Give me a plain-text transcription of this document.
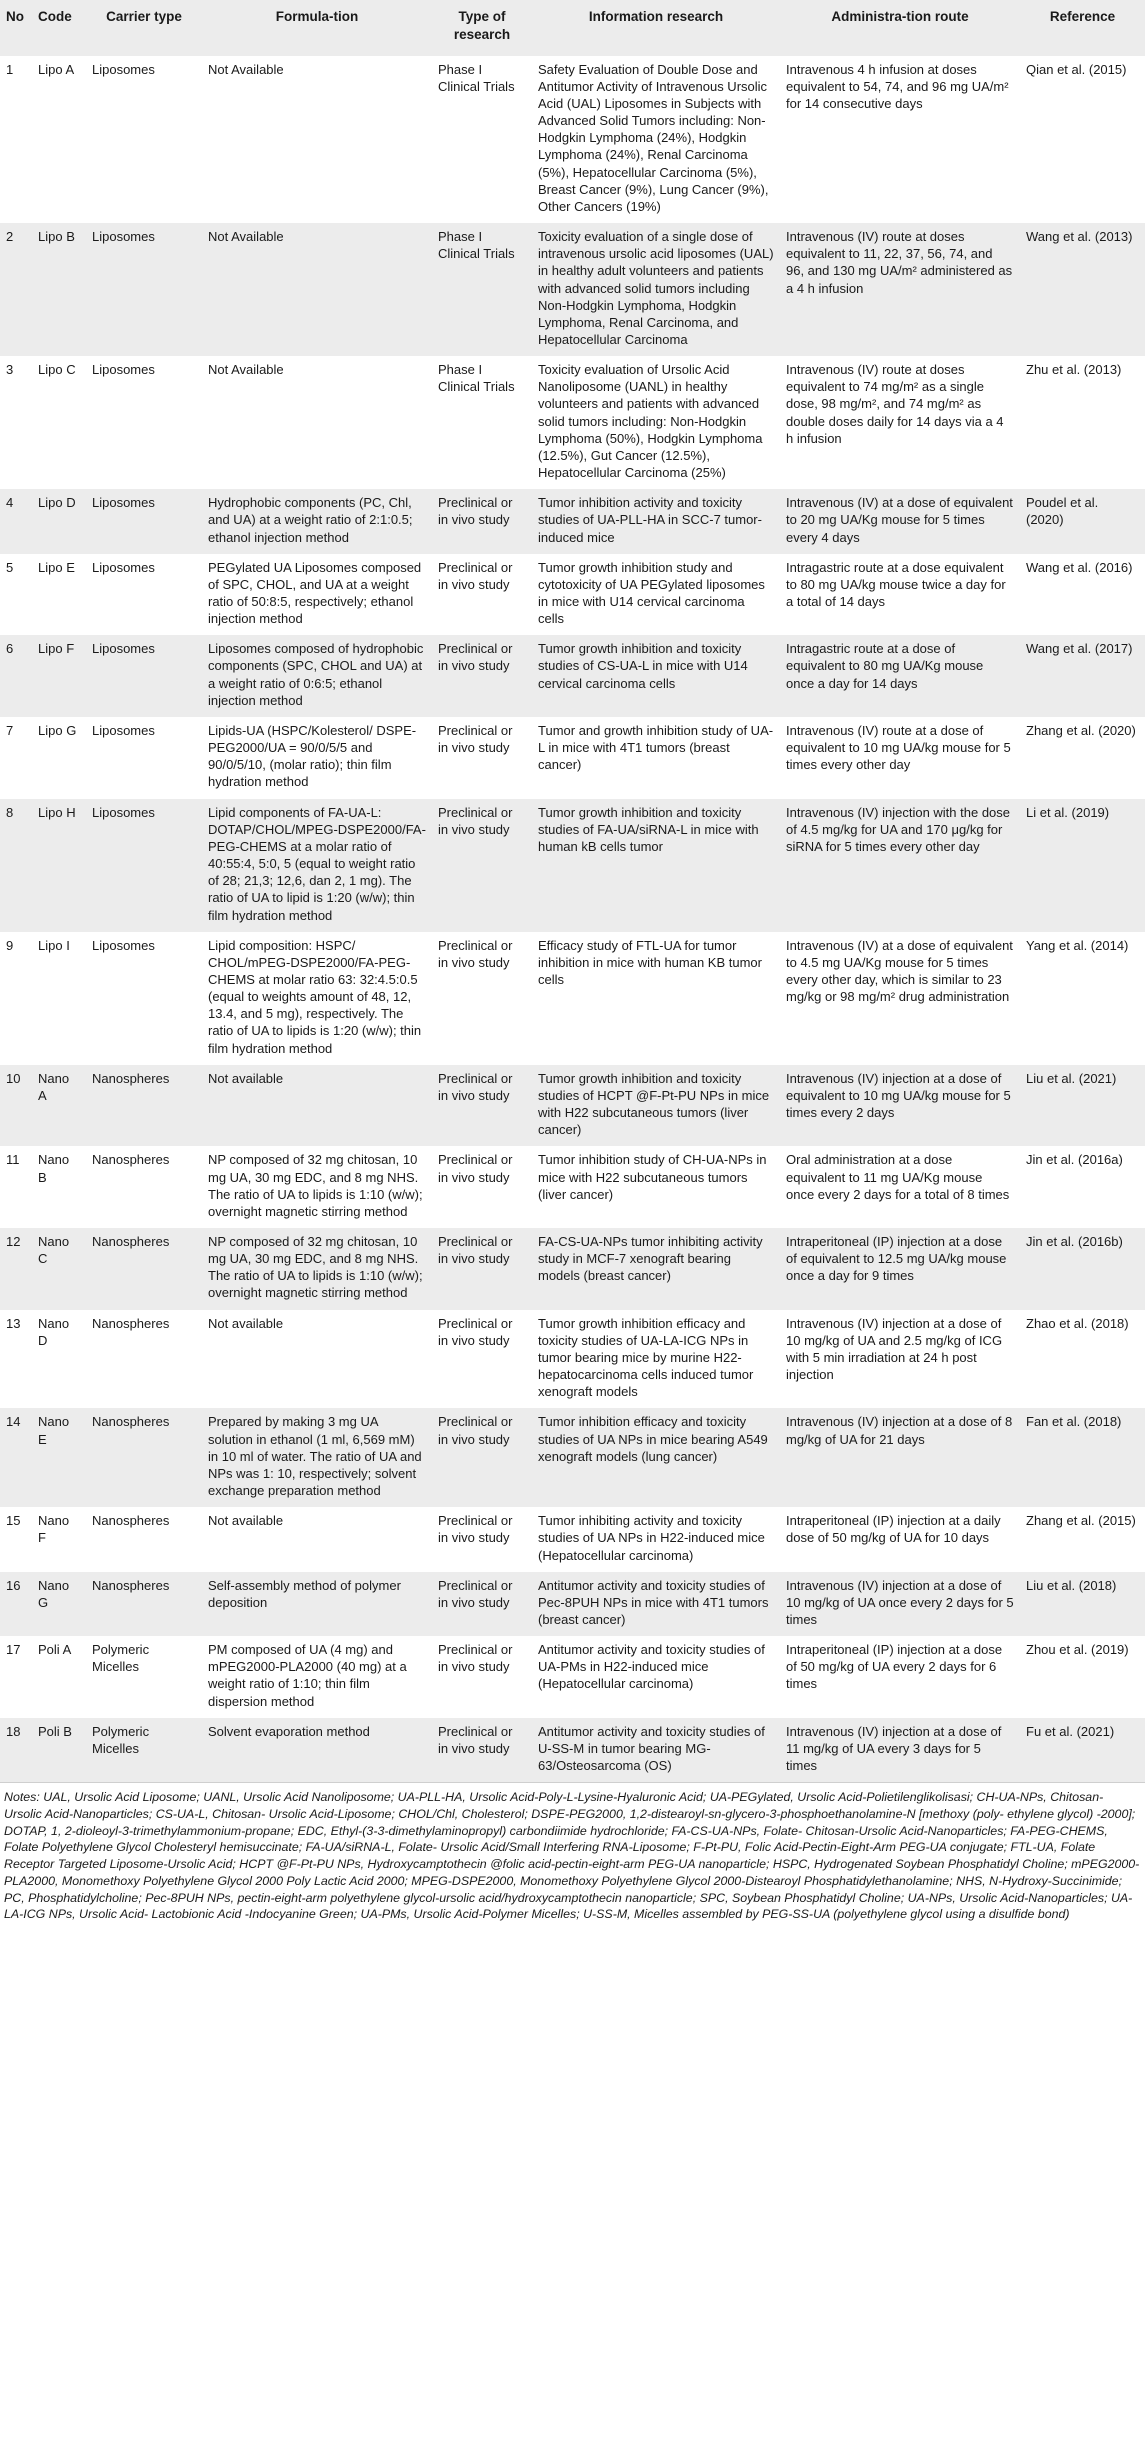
No	Code	Carrier type	Formula-tion	Type of research	Information research	Administra-tion route	Reference
1	Lipo A	Liposomes	Not Available	Phase I Clinical Trials	Safety Evaluation of Double Dose and Antitumor Activity of Intravenous Ursolic Acid (UAL) Liposomes in Subjects with Advanced Solid Tumors including: Non-Hodgkin Lymphoma (24%), Hodgkin Lymphoma (24%), Renal Carcinoma (5%), Hepatocellular Carcinoma (5%), Breast Cancer (9%), Lung Cancer (9%), Other Cancers (19%)	Intravenous 4 h infusion at doses equivalent to 54, 74, and 96 mg UA/m² for 14 consecutive days	Qian et al. (2015)
2	Lipo B	Liposomes	Not Available	Phase I Clinical Trials	Toxicity evaluation of a single dose of intravenous ursolic acid liposomes (UAL) in healthy adult volunteers and patients with advanced solid tumors including Non-Hodgkin Lymphoma, Hodgkin Lymphoma, Renal Carcinoma, and Hepatocellular Carcinoma	Intravenous (IV) route at doses equivalent to 11, 22, 37, 56, 74, and 96, and 130 mg UA/m² administered as a 4 h infusion	Wang et al. (2013)
3	Lipo C	Liposomes	Not Available	Phase I Clinical Trials	Toxicity evaluation of Ursolic Acid Nanoliposome (UANL) in healthy volunteers and patients with advanced solid tumors including: Non-Hodgkin Lymphoma (50%), Hodgkin Lymphoma (12.5%), Gut Cancer (12.5%), Hepatocellular Carcinoma (25%)	Intravenous (IV) route at doses equivalent to 74 mg/m² as a single dose, 98 mg/m², and 74 mg/m² as double doses daily for 14 days via a 4 h infusion	Zhu et al. (2013)
4	Lipo D	Liposomes	Hydrophobic components (PC, Chl, and UA) at a weight ratio of 2:1:0.5; ethanol injection method	Preclinical or in vivo study	Tumor inhibition activity and toxicity studies of UA-PLL-HA in SCC-7 tumor-induced mice	Intravenous (IV) at a dose of equivalent to 20 mg UA/Kg mouse for 5 times every 4 days	Poudel et al. (2020)
5	Lipo E	Liposomes	PEGylated UA Liposomes composed of SPC, CHOL, and UA at a weight ratio of 50:8:5, respectively; ethanol injection method	Preclinical or in vivo study	Tumor growth inhibition study and cytotoxicity of UA PEGylated liposomes in mice with U14 cervical carcinoma cells	Intragastric route at a dose equivalent to 80 mg UA/kg mouse twice a day for a total of 14 days	Wang et al. (2016)
6	Lipo F	Liposomes	Liposomes composed of hydrophobic components (SPC, CHOL and UA) at a weight ratio of 0:6:5; ethanol injection method	Preclinical or in vivo study	Tumor growth inhibition and toxicity studies of CS-UA-L in mice with U14 cervical carcinoma cells	Intragastric route at a dose of equivalent to 80 mg UA/Kg mouse once a day for 14 days	Wang et al. (2017)
7	Lipo G	Liposomes	Lipids-UA (HSPC/Kolesterol/ DSPE-PEG2000/UA = 90/0/5/5 and 90/0/5/10, (molar ratio); thin film hydration method	Preclinical or in vivo study	Tumor and growth inhibition study of UA-L in mice with 4T1 tumors (breast cancer)	Intravenous (IV) route at a dose of equivalent to 10 mg UA/kg mouse for 5 times every other day	Zhang et al. (2020)
8	Lipo H	Liposomes	Lipid components of FA-UA-L: DOTAP/CHOL/MPEG-DSPE2000/FA-PEG-CHEMS at a molar ratio of 40:55:4, 5:0, 5 (equal to weight ratio of 28; 21,3; 12,6, dan 2, 1 mg). The ratio of UA to lipid is 1:20 (w/w); thin film hydration method	Preclinical or in vivo study	Tumor growth inhibition and toxicity studies of FA-UA/siRNA-L in mice with human kB cells tumor	Intravenous (IV) injection with the dose of 4.5 mg/kg for UA and 170 μg/kg for siRNA for 5 times every other day	Li et al. (2019)
9	Lipo I	Liposomes	Lipid composition: HSPC/ CHOL/mPEG-DSPE2000/FA-PEG-CHEMS at molar ratio 63: 32:4.5:0.5 (equal to weights amount of 48, 12, 13.4, and 5 mg), respectively. The ratio of UA to lipids is 1:20 (w/w); thin film hydration method	Preclinical or in vivo study	Efficacy study of FTL-UA for tumor inhibition in mice with human KB tumor cells	Intravenous (IV) at a dose of equivalent to 4.5 mg UA/Kg mouse for 5 times every other day, which is similar to 23 mg/kg or 98 mg/m² drug administration	Yang et al. (2014)
10	Nano A	Nanospheres	Not available	Preclinical or in vivo study	Tumor growth inhibition and toxicity studies of HCPT @F-Pt-PU NPs in mice with H22 subcutaneous tumors (liver cancer)	Intravenous (IV) injection at a dose of equivalent to 10 mg UA/kg mouse for 5 times every 2 days	Liu et al. (2021)
11	Nano B	Nanospheres	NP composed of 32 mg chitosan, 10 mg UA, 30 mg EDC, and 8 mg NHS. The ratio of UA to lipids is 1:10 (w/w); overnight magnetic stirring method	Preclinical or in vivo study	Tumor inhibition study of CH-UA-NPs in mice with H22 subcutaneous tumors (liver cancer)	Oral administration at a dose equivalent to 11 mg UA/Kg mouse once every 2 days for a total of 8 times	Jin et al. (2016a)
12	Nano C	Nanospheres	NP composed of 32 mg chitosan, 10 mg UA, 30 mg EDC, and 8 mg NHS. The ratio of UA to lipids is 1:10 (w/w); overnight magnetic stirring method	Preclinical or in vivo study	FA-CS-UA-NPs tumor inhibiting activity study in MCF-7 xenograft bearing models (breast cancer)	Intraperitoneal (IP) injection at a dose of equivalent to 12.5 mg UA/kg mouse once a day for 9 times	Jin et al. (2016b)
13	Nano D	Nanospheres	Not available	Preclinical or in vivo study	Tumor growth inhibition efficacy and toxicity studies of UA-LA-ICG NPs in tumor bearing mice by murine H22-hepatocarcinoma cells induced tumor xenograft models	Intravenous (IV) injection at a dose of 10 mg/kg of UA and 2.5 mg/kg of ICG with 5 min irradiation at 24 h post injection	Zhao et al. (2018)
14	Nano E	Nanospheres	Prepared by making 3 mg UA solution in ethanol (1 ml, 6,569 mM) in 10 ml of water. The ratio of UA and NPs was 1: 10, respectively; solvent exchange preparation method	Preclinical or in vivo study	Tumor inhibition efficacy and toxicity studies of UA NPs in mice bearing A549 xenograft models (lung cancer)	Intravenous (IV) injection at a dose of 8 mg/kg of UA for 21 days	Fan et al. (2018)
15	Nano F	Nanospheres	Not available	Preclinical or in vivo study	Tumor inhibiting activity and toxicity studies of UA NPs in H22-induced mice (Hepatocellular carcinoma)	Intraperitoneal (IP) injection at a daily dose of 50 mg/kg of UA for 10 days	Zhang et al. (2015)
16	Nano G	Nanospheres	Self-assembly method of polymer deposition	Preclinical or in vivo study	Antitumor activity and toxicity studies of Pec-8PUH NPs in mice with 4T1 tumors (breast cancer)	Intravenous (IV) injection at a dose of 10 mg/kg of UA once every 2 days for 5 times	Liu et al. (2018)
17	Poli A	Polymeric Micelles	PM composed of UA (4 mg) and mPEG2000-PLA2000 (40 mg) at a weight ratio of 1:10; thin film dispersion method	Preclinical or in vivo study	Antitumor activity and toxicity studies of UA-PMs in H22-induced mice (Hepatocellular carcinoma)	Intraperitoneal (IP) injection at a dose of 50 mg/kg of UA every 2 days for 6 times	Zhou et al. (2019)
18	Poli B	Polymeric Micelles	Solvent evaporation method	Preclinical or in vivo study	Antitumor activity and toxicity studies of U-SS-M in tumor bearing MG-63/Osteosarcoma (OS)	Intravenous (IV) injection at a dose of 11 mg/kg of UA every 3 days for 5 times	Fu et al. (2021)
Notes: UAL, Ursolic Acid Liposome; UANL, Ursolic Acid Nanoliposome; UA-PLL-HA, Ursolic Acid-Poly-L-Lysine-Hyaluronic Acid; UA-PEGylated, Ursolic Acid-Polietilenglikolisasi; CH-UA-NPs, Chitosan-Ursolic Acid-Nanoparticles; CS-UA-L, Chitosan- Ursolic Acid-Liposome; CHOL/Chl, Cholesterol; DSPE-PEG2000, 1,2-distearoyl-sn-glycero-3-phosphoethanolamine-N [methoxy (poly- ethylene glycol) -2000]; DOTAP, 1, 2-dioleoyl-3-trimethylammonium-propane; EDC, Ethyl-(3-3-dimethylaminopropyl) carbondiimide hydrochloride; FA-CS-UA-NPs, Folate- Chitosan-Ursolic Acid-Nanoparticles; FA-PEG-CHEMS, Folate Polyethylene Glycol Cholesteryl hemisuccinate; FA-UA/siRNA-L, Folate- Ursolic Acid/Small Interfering RNA-Liposome; F-Pt-PU, Folic Acid-Pectin-Eight-Arm PEG-UA conjugate; FTL-UA, Folate Receptor Targeted Liposome-Ursolic Acid; HCPT @F-Pt-PU NPs, Hydroxycamptothecin @folic acid-pectin-eight-arm PEG-UA nanoparticle; HSPC, Hydrogenated Soybean Phosphatidyl Choline; mPEG2000-PLA2000, Monomethoxy Polyethylene Glycol 2000 Poly Lactic Acid 2000; MPEG-DSPE2000, Monomethoxy Polyethylene Glycol 2000-Distearoyl Phosphatidylethanolamine; NHS, N-Hydroxy-Succinimide; PC, Phosphatidylcholine; Pec-8PUH NPs, pectin-eight-arm polyethylene glycol-ursolic acid/hydroxycamptothecin nanoparticle; SPC, Soybean Phosphatidyl Choline; UA-NPs, Ursolic Acid-Nanoparticles; UA-LA-ICG NPs, Ursolic Acid- Lactobionic Acid -Indocyanine Green; UA-PMs, Ursolic Acid-Polymer Micelles; U-SS-M, Micelles assembled by PEG-SS-UA (polyethylene glycol using a disulfide bond)
